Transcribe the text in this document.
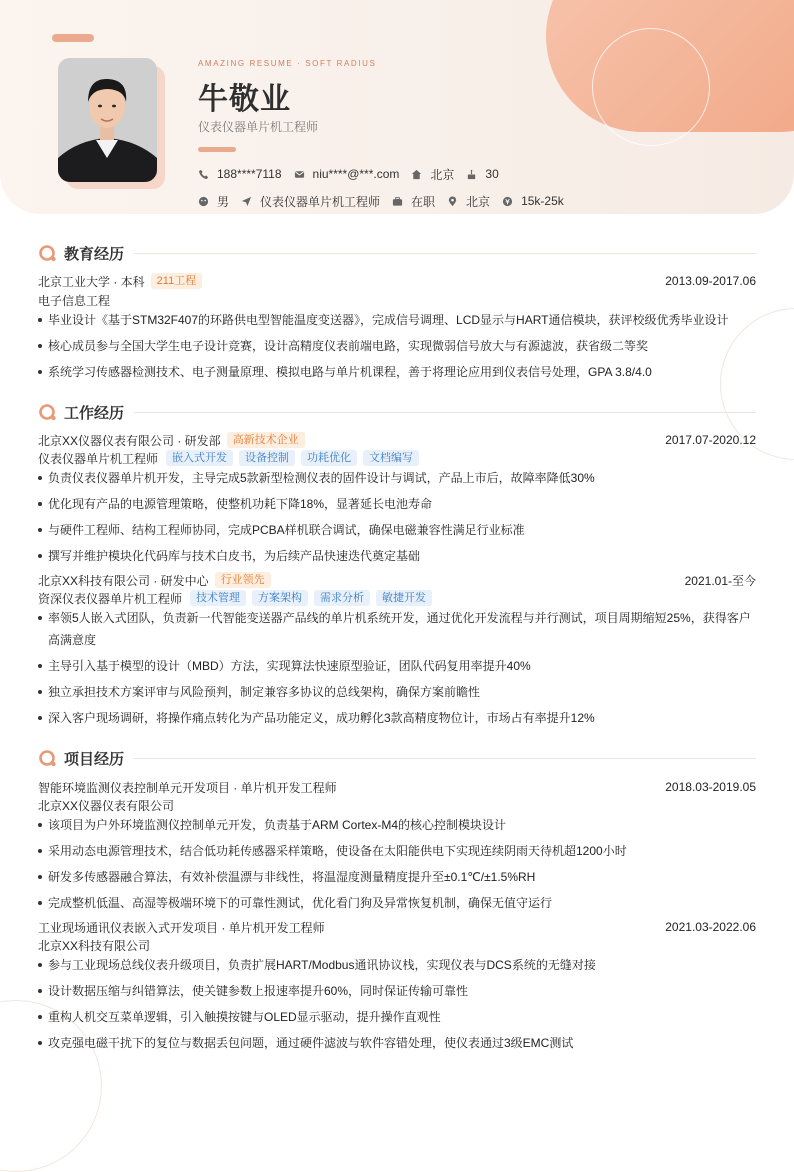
AMAZING RESUME · SOFT RADIUS
牛敬业
仪表仪器单片机工程师
188****7118	niu****@***.com	北京	30
男	仪表仪器单片机工程师	在职	北京	15k-25k
教育经历
北京工业大学 · 本科	211工程	2013.09-2017.06
电子信息工程
毕业设计《基于STM32F407的环路供电型智能温度变送器》，完成信号调理、LCD显示与HART通信模块，获评校级优秀毕业设计
核心成员参与全国大学生电子设计竞赛，设计高精度仪表前端电路，实现微弱信号放大与有源滤波，获省级二等奖
系统学习传感器检测技术、电子测量原理、模拟电路与单片机课程，善于将理论应用到仪表信号处理，GPA 3.8/4.0
工作经历
北京XX仪器仪表有限公司 · 研发部	高新技术企业	2017.07-2020.12
仪表仪器单片机工程师	嵌入式开发	设备控制	功耗优化	文档编写
负责仪表仪器单片机开发，主导完成5款新型检测仪表的固件设计与调试，产品上市后，故障率降低30%
优化现有产品的电源管理策略，使整机功耗下降18%，显著延长电池寿命
与硬件工程师、结构工程师协同，完成PCBA样机联合调试，确保电磁兼容性满足行业标准
撰写并维护模块化代码库与技术白皮书，为后续产品快速迭代奠定基础
北京XX科技有限公司 · 研发中心	行业领先	2021.01-至今
资深仪表仪器单片机工程师	技术管理	方案架构	需求分析	敏捷开发
率领5人嵌入式团队，负责新一代智能变送器产品线的单片机系统开发，通过优化开发流程与并行测试，项目周期缩短25%，获得客户
高满意度
主导引入基于模型的设计（MBD）方法，实现算法快速原型验证，团队代码复用率提升40%
独立承担技术方案评审与风险预判，制定兼容多协议的总线架构，确保方案前瞻性
深入客户现场调研，将操作痛点转化为产品功能定义，成功孵化3款高精度物位计，市场占有率提升12%
项目经历
智能环境监测仪表控制单元开发项目 · 单片机开发工程师	2018.03-2019.05
北京XX仪器仪表有限公司
该项目为户外环境监测仪控制单元开发，负责基于ARM Cortex-M4的核心控制模块设计
采用动态电源管理技术，结合低功耗传感器采样策略，使设备在太阳能供电下实现连续阴雨天待机超1200小时
研发多传感器融合算法，有效补偿温漂与非线性，将温湿度测量精度提升至±0.1℃/±1.5%RH
完成整机低温、高湿等极端环境下的可靠性测试，优化看门狗及异常恢复机制，确保无值守运行
工业现场通讯仪表嵌入式开发项目 · 单片机开发工程师	2021.03-2022.06
北京XX科技有限公司
参与工业现场总线仪表升级项目，负责扩展HART/Modbus通讯协议栈，实现仪表与DCS系统的无缝对接
设计数据压缩与纠错算法，使关键参数上报速率提升60%，同时保证传输可靠性
重构人机交互菜单逻辑，引入触摸按键与OLED显示驱动，提升操作直观性
攻克强电磁干扰下的复位与数据丢包问题，通过硬件滤波与软件容错处理，使仪表通过3级EMC测试
